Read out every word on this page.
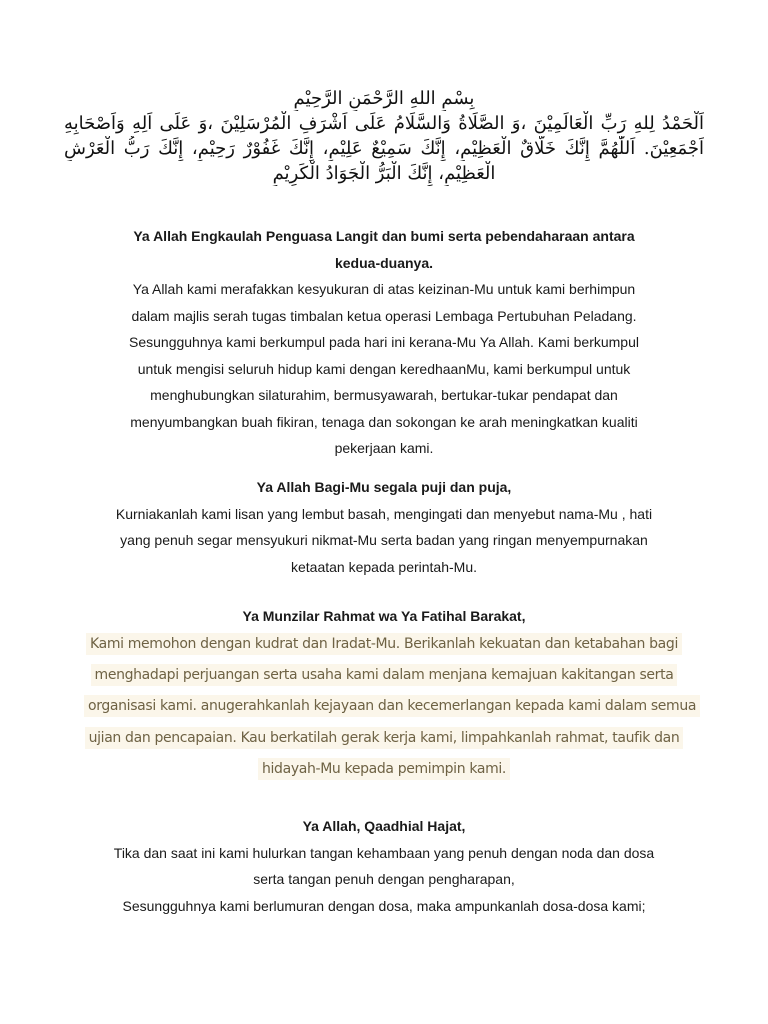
بِسْمِ اللهِ الرَّحْمَنِ الرَّحِيْمِ
اَلْحَمْدُ لِلهِ رَبِّ الْعَالَمِيْنَ ،وَ الصَّلَاةُ وَالسَّلَامُ عَلَى اَشْرَفِ الْمُرْسَلِيْنَ ،وَ عَلَى اَلِهِ وَاَصْحَابِهِ
اَجْمَعِيْنَ. اَللّٰهُمَّ إِنَّكَ خَلَّاقٌ الْعَظِيْمِ، إِنَّكَ سَمِيْعٌ عَلِيْمٍ، إِنَّكَ غَفُوْرٌ رَحِيْمٍ، إِنَّكَ رَبُّ الْعَرْشِ
الْعَظِيْمِ، إِنَّكَ الْبَرُّ الْجَوَادُ الْكَرِيْمِ
Ya Allah Engkaulah Penguasa Langit dan bumi serta pebendaharaan antara
kedua-duanya.
Ya Allah kami merafakkan kesyukuran di atas keizinan-Mu untuk kami berhimpun
dalam majlis serah tugas timbalan ketua operasi Lembaga Pertubuhan Peladang.
Sesungguhnya kami berkumpul pada hari ini kerana-Mu Ya Allah. Kami berkumpul
untuk mengisi seluruh hidup kami dengan keredhaanMu, kami berkumpul untuk
menghubungkan silaturahim, bermusyawarah, bertukar-tukar pendapat dan
menyumbangkan buah fikiran, tenaga dan sokongan ke arah meningkatkan kualiti
pekerjaan kami.
Ya Allah Bagi-Mu segala puji dan puja,
Kurniakanlah kami lisan yang lembut basah, mengingati dan menyebut nama-Mu , hati
yang penuh segar mensyukuri nikmat-Mu serta badan yang ringan menyempurnakan
ketaatan kepada perintah-Mu.
Ya Munzilar Rahmat wa Ya Fatihal Barakat,
Kami memohon dengan kudrat dan Iradat-Mu. Berikanlah kekuatan dan ketabahan bagi
menghadapi perjuangan serta usaha kami dalam menjana kemajuan kakitangan serta
organisasi kami. anugerahkanlah kejayaan dan kecemerlangan kepada kami dalam semua
ujian dan pencapaian. Kau berkatilah gerak kerja kami, limpahkanlah rahmat, taufik dan
hidayah-Mu kepada pemimpin kami.
Ya Allah, Qaadhial Hajat,
Tika dan saat ini kami hulurkan tangan kehambaan yang penuh dengan noda dan dosa
serta tangan penuh dengan pengharapan,
Sesungguhnya kami berlumuran dengan dosa, maka ampunkanlah dosa-dosa kami;
